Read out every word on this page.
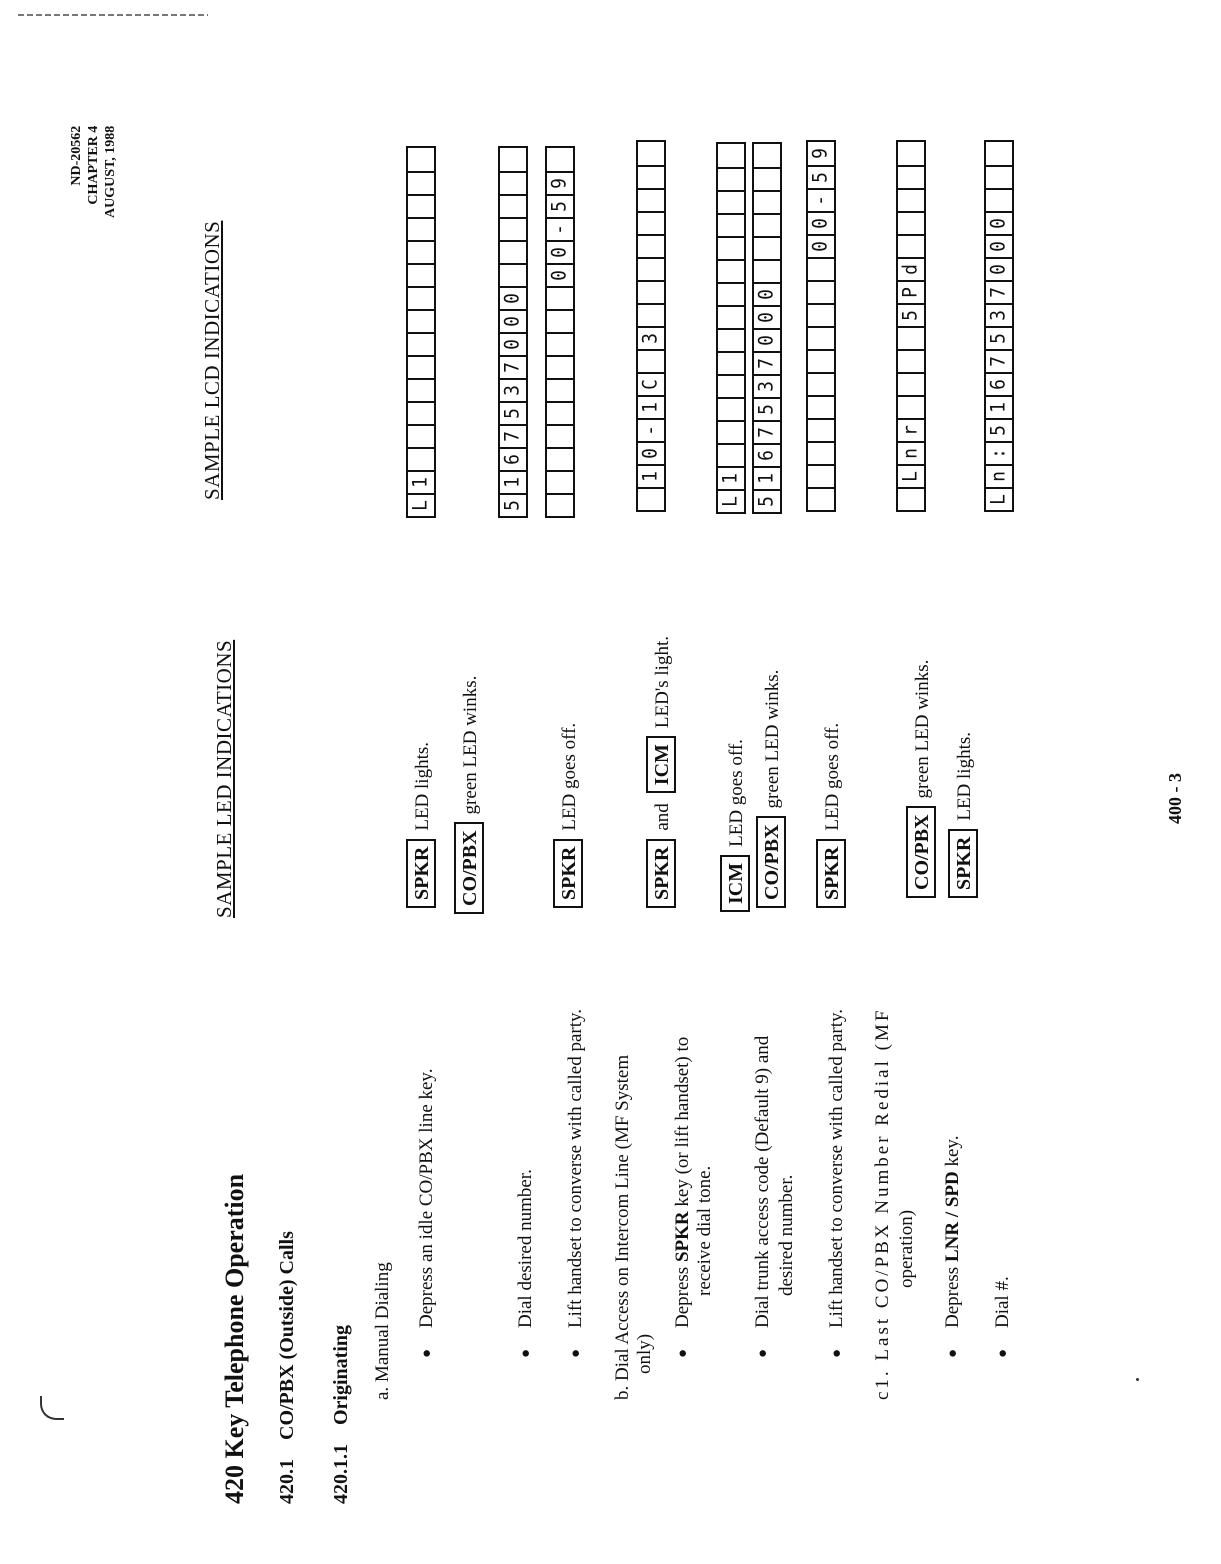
ND-20562 CHAPTER 4 AUGUST, 1988
420 Key Telephone Operation 420.1 CO/PBX (Outside) Calls
420.1.1 Originating a. Manual Dialing
● Depress an idle CO/PBX line key.	● Dial desired number. ● Lift handset to converse with called party. b. Dial Access on Intercom Line (MF System only)
● Depress SPKR key (or lift handset) to
receive dial tone. ● Dial trunk access code (Default 9) and desired number. ● Lift handset to converse with called party. c1. Last CO/PBX Number Redial (MF operation)
● Depress LNR / SPD key.
● Dial #.
SAMPLE LED INDICATIONS
SAMPLE LCD INDICATIONS
SPKRLED lights.
CO/PBXgreen LED winks.
SPKRLED goes off.
SPKRandICMLED's light.
ICMLED goes off.
CO/PBXgreen LED winks.
SPKRLED goes off.
CO/PBXgreen LED winks.
SPKRLED lights.
L
1
5
1
6
7
5
3
7
0
0
0
0
0
-
5
9
1
0
-
1
C
3
L
1
5
1
6
7
5
3
7
0
0
0
0
0
-
5
9
L
n
r
5
P
d
L
n
:
5
1
6
7
5
3
7
0
0
0
400 - 3
